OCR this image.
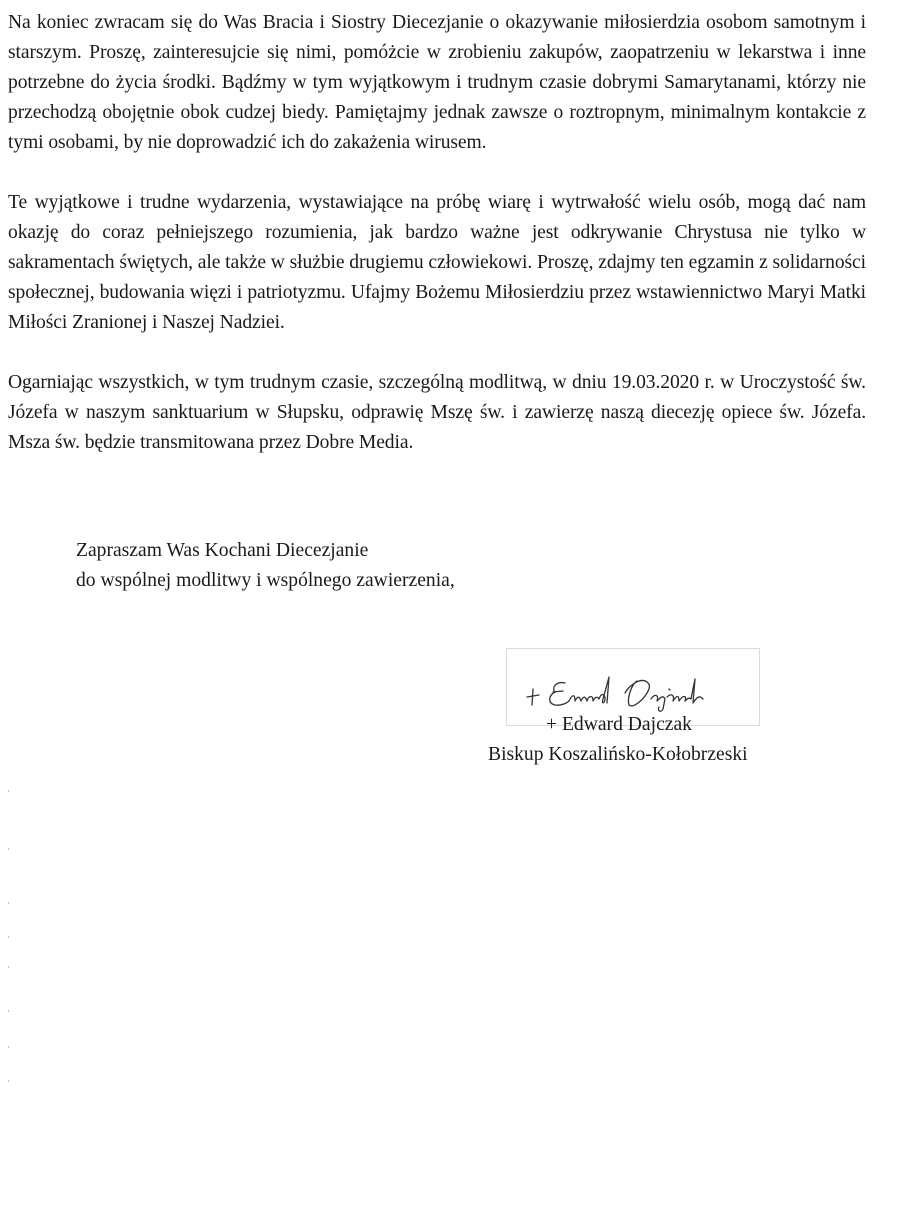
Na koniec zwracam się do Was Bracia i Siostry Diecezjanie o okazywanie miłosierdzia osobom samotnym i starszym. Proszę, zainteresujcie się nimi, pomóżcie w zrobieniu zakupów, zaopatrzeniu w lekarstwa i inne potrzebne do życia środki. Bądźmy w tym wyjątkowym i trudnym czasie dobrymi Samarytanami, którzy nie przechodzą obojętnie obok cudzej biedy. Pamiętajmy jednak zawsze o roztropnym, minimalnym kontakcie z tymi osobami, by nie doprowadzić ich do zakażenia wirusem.

Te wyjątkowe i trudne wydarzenia, wystawiające na próbę wiarę i wytrwałość wielu osób, mogą dać nam okazję do coraz pełniejszego rozumienia, jak bardzo ważne jest odkrywanie Chrystusa nie tylko w sakramentach świętych, ale także w służbie drugiemu człowiekowi. Proszę, zdajmy ten egzamin z solidarności społecznej, budowania więzi i patriotyzmu. Ufajmy Bożemu Miłosierdziu przez wstawiennictwo Maryi Matki Miłości Zranionej i Naszej Nadziei.

Ogarniając wszystkich, w tym trudnym czasie, szczególną modlitwą, w dniu 19.03.2020 r. w Uroczystość św. Józefa w naszym sanktuarium w Słupsku, odprawię Mszę św. i zawierzę naszą diecezję opiece św. Józefa. Msza św. będzie transmitowana przez Dobre Media.

Zapraszam Was Kochani Diecezjanie
do wspólnej modlitwy i wspólnego zawierzenia,
+ Edward Dajczak
Biskup Koszalińsko-Kołobrzeski
